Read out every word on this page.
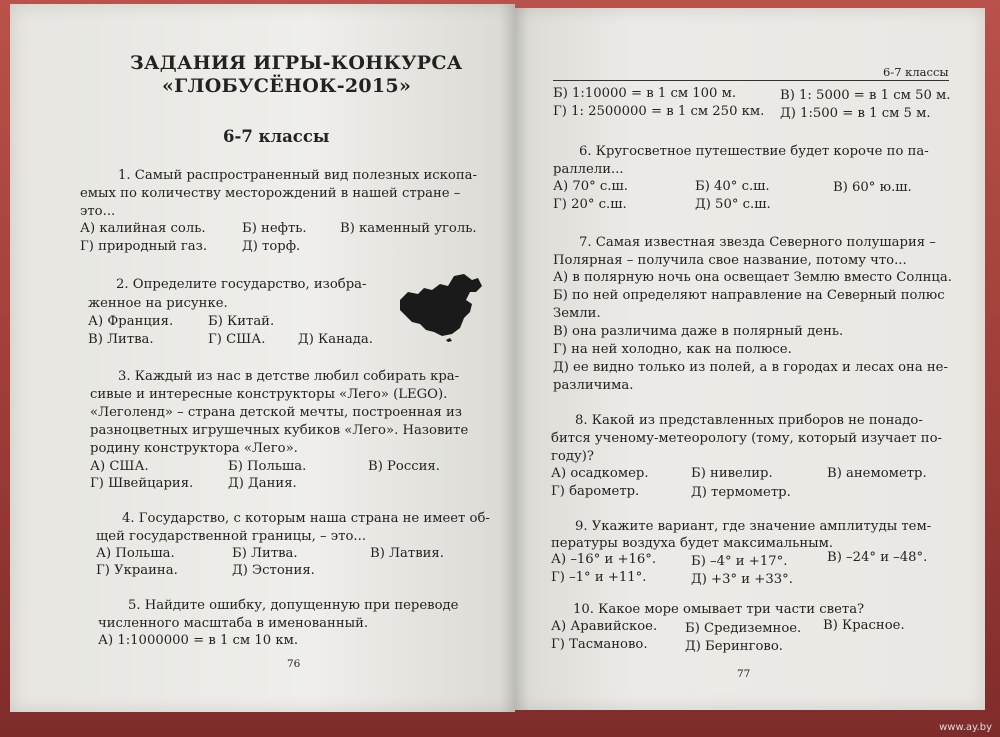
ЗАДАНИЯ ИГРЫ-КОНКУРСА
«ГЛОБУСЁНОК-2015»
6-7 классы
1. Самый распространенный вид полезных ископа-
емых по количеству месторождений в нашей стране –
это...
А) калийная соль.	Б) нефть.	В) каменный уголь.
Г) природный газ.	Д) торф.
2. Определите государство, изобра-
женное на рисунке.
А) Франция.	Б) Китай.
В) Литва.	Г) США. Д) Канада.
3. Каждый из нас в детстве любил собирать кра-
сивые и интересные конструкторы «Лего» (LEGO).
«Леголенд» – страна детской мечты, построенная из
разноцветных игрушечных кубиков «Лего». Назовите
родину конструктора «Лего».
А) США.	Б) Польша.	В) Россия.
Г) Швейцария.	Д) Дания.
4. Государство, с которым наша страна не имеет об-
щей государственной границы, – это...
А) Польша.	Б) Литва.	В) Латвия.
Г) Украина.	Д) Эстония.
5. Найдите ошибку, допущенную при переводе
численного масштаба в именованный.
А) 1:1000000 = в 1 см 10 км.
76
6-7 классы
Б) 1:10000 = в 1 см 100 м.	В) 1: 5000 = в 1 см 50 м.
Г) 1: 2500000 = в 1 см 250 км. Д) 1:500 = в 1 см 5 м.
6. Кругосветное путешествие будет короче по па-
раллели...
А) 70° с.ш.	Б) 40° с.ш.	В) 60° ю.ш.
Г) 20° с.ш.	Д) 50° с.ш.
7. Самая известная звезда Северного полушария –
Полярная – получила свое название, потому что...
А) в полярную ночь она освещает Землю вместо Солнца.
Б) по ней определяют направление на Северный полюс
Земли.
В) она различима даже в полярный день.
Г) на ней холодно, как на полюсе.
Д) ее видно только из полей, а в городах и лесах она не-
различима.
8. Какой из представленных приборов не понадо-
бится ученому-метеорологу (тому, который изучает по-
году)?
А) осадкомер.	Б) нивелир.	В) анемометр.
Г) барометр.	Д) термометр.
9. Укажите вариант, где значение амплитуды тем-
пературы воздуха будет максимальным.
А) –16° и +16°.	Б) –4° и +17°.	В) –24° и –48°.
Г) –1° и +11°.	Д) +3° и +33°.
10. Какое море омывает три части света?
А) Аравийское. Б) Средиземное. В) Красное.
Г) Тасманово.	Д) Берингово.
77
www.ay.by
